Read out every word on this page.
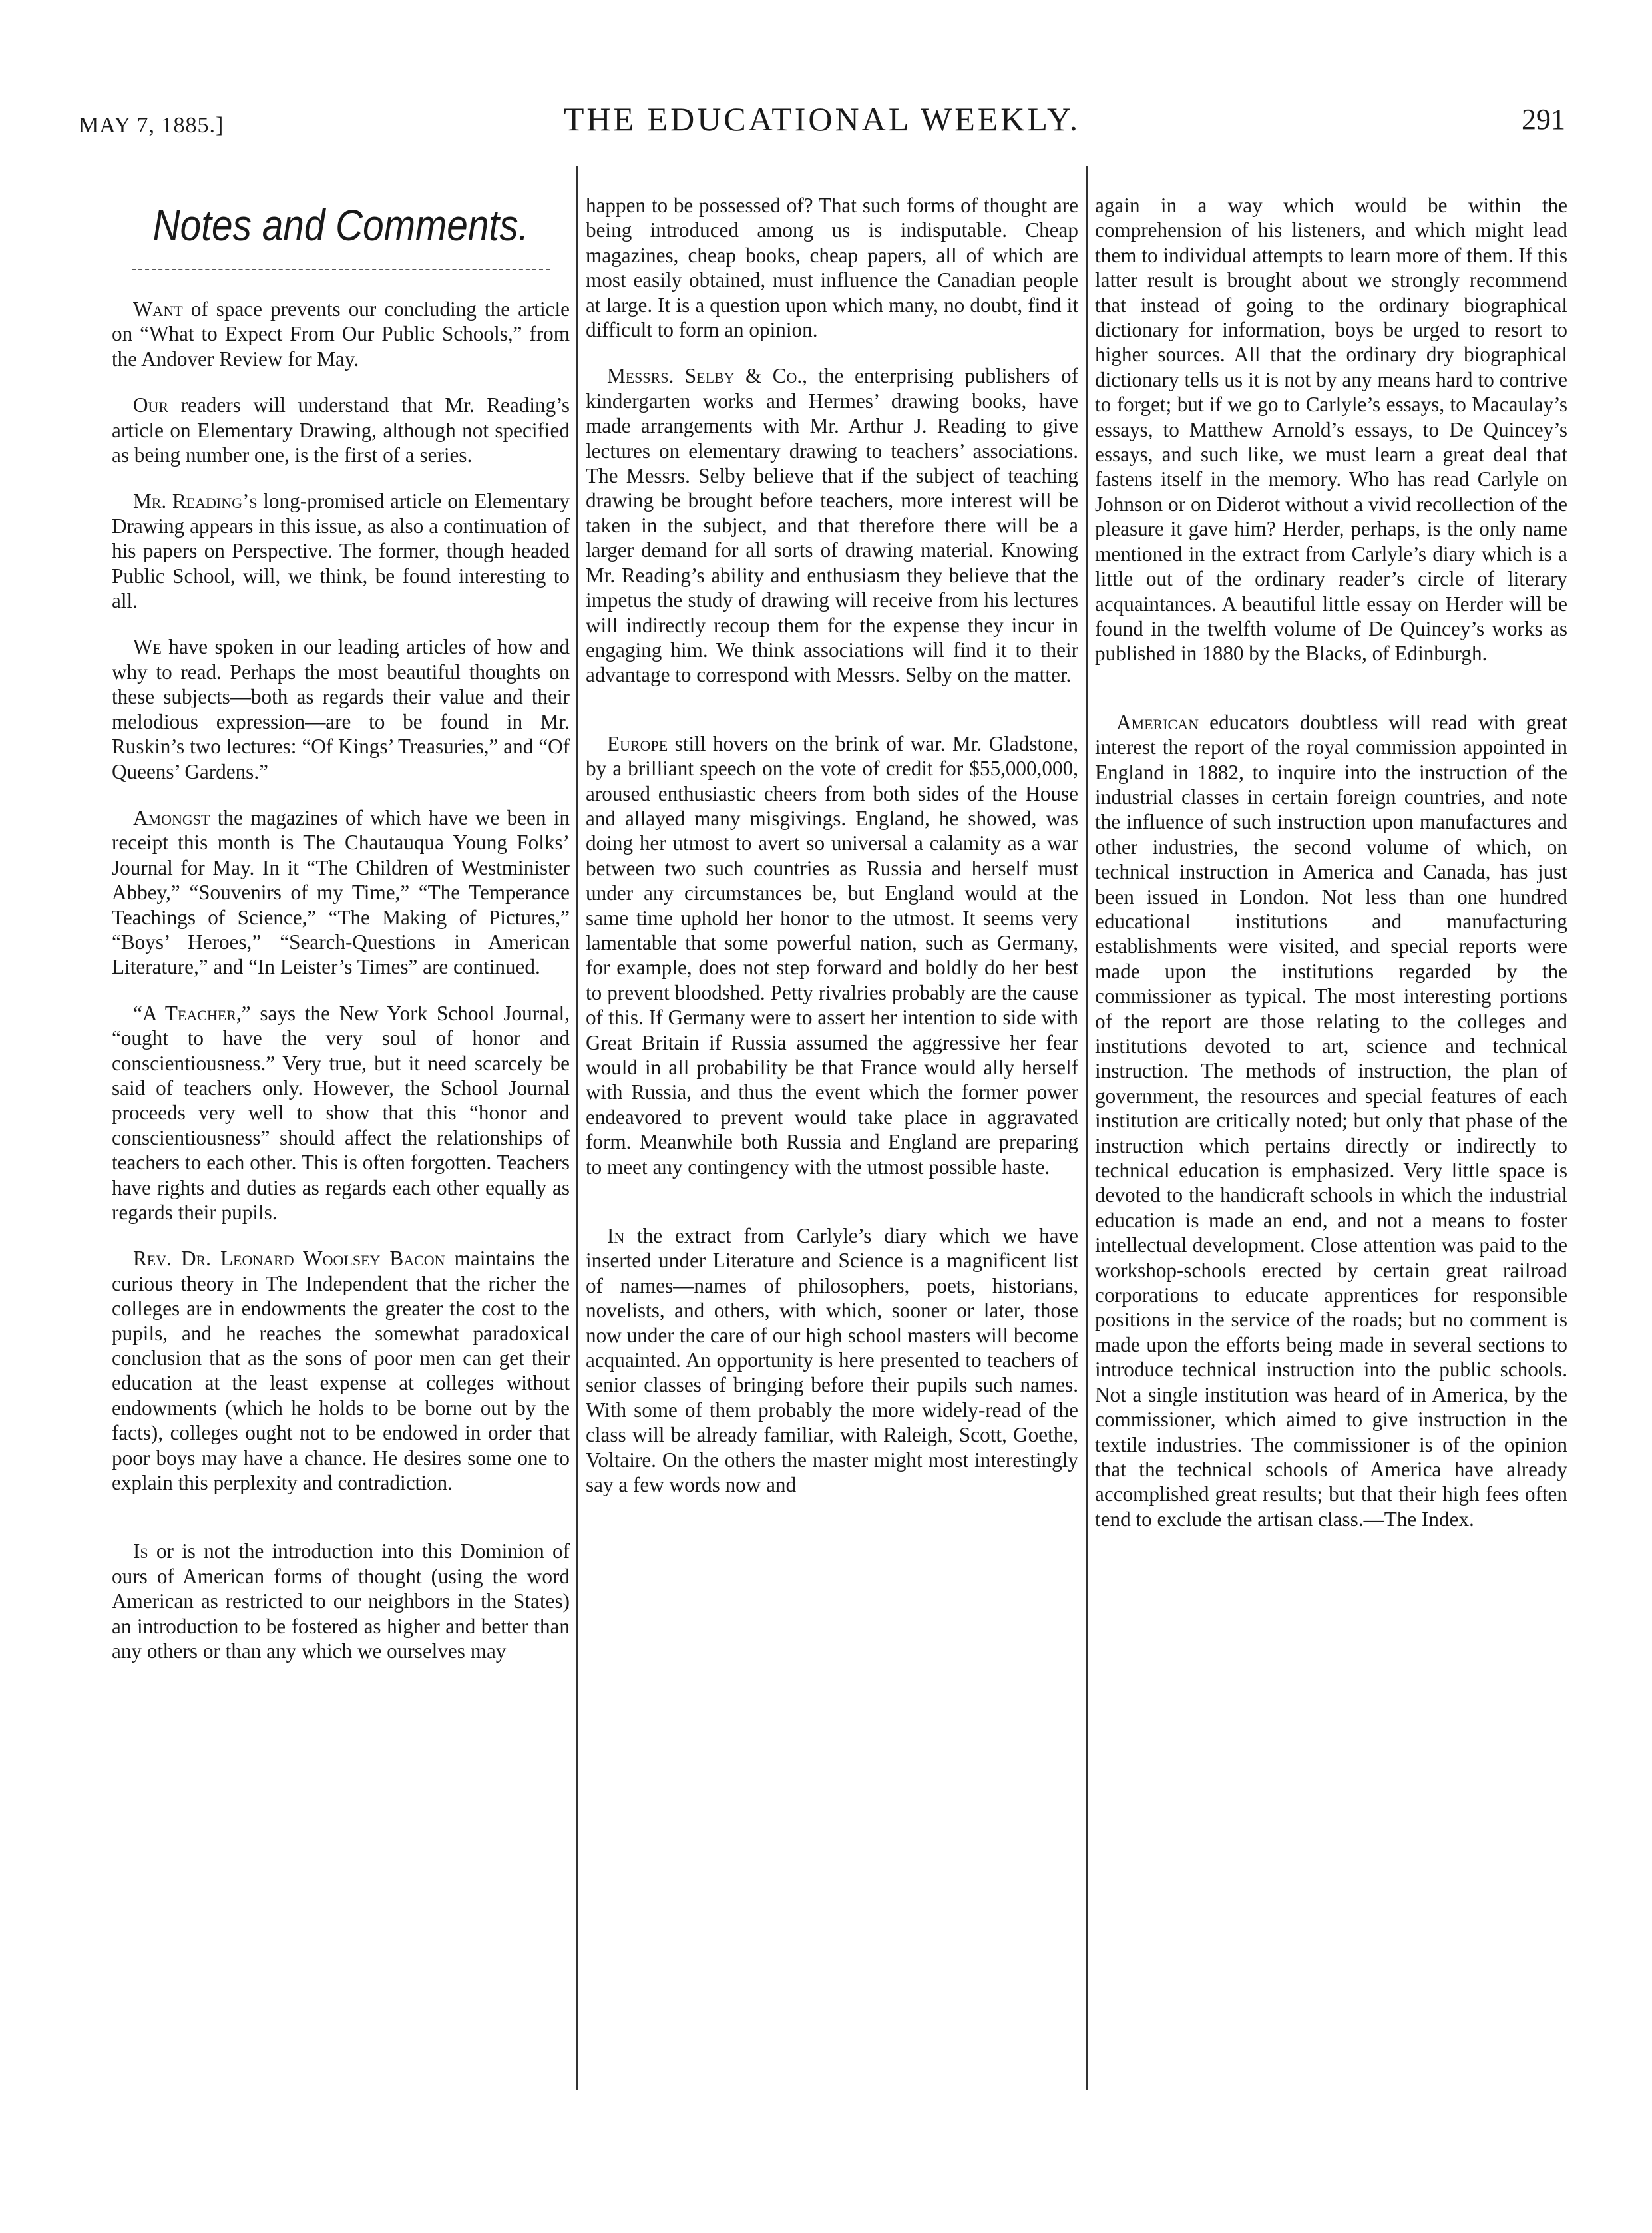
MAY 7, 1885.]	THE EDUCATIONAL WEEKLY.	291
Notes and Comments.

Want of space prevents our concluding the article on “What to Expect From Our Public Schools,” from the Andover Review for May.

Our readers will understand that Mr. Reading’s article on Elementary Drawing, although not specified as being number one, is the first of a series.

Mr. Reading’s long-promised article on Elementary Drawing appears in this issue, as also a continuation of his papers on Perspective. The former, though headed Public School, will, we think, be found interesting to all.

We have spoken in our leading articles of how and why to read. Perhaps the most beautiful thoughts on these subjects—both as regards their value and their melodious expression—are to be found in Mr. Ruskin’s two lectures: “Of Kings’ Treasuries,” and “Of Queens’ Gardens.”

Amongst the magazines of which have we been in receipt this month is The Chautauqua Young Folks’ Journal for May. In it “The Children of Westminister Abbey,” “Souvenirs of my Time,” “The Temperance Teachings of Science,” “The Making of Pictures,” “Boys’ Heroes,” “Search-Questions in American Literature,” and “In Leister’s Times” are continued.

“A Teacher,” says the New York School Journal, “ought to have the very soul of honor and conscientiousness.” Very true, but it need scarcely be said of teachers only. However, the School Journal proceeds very well to show that this “honor and conscientiousness” should affect the relationships of teachers to each other. This is often forgotten. Teachers have rights and duties as regards each other equally as regards their pupils.

Rev. Dr. Leonard Woolsey Bacon maintains the curious theory in The Independent that the richer the colleges are in endowments the greater the cost to the pupils, and he reaches the somewhat paradoxical conclusion that as the sons of poor men can get their education at the least expense at colleges without endowments (which he holds to be borne out by the facts), colleges ought not to be endowed in order that poor boys may have a chance. He desires some one to explain this perplexity and contradiction.

Is or is not the introduction into this Dominion of ours of American forms of thought (using the word American as restricted to our neighbors in the States) an introduction to be fostered as higher and better than any others or than any which we ourselves may

happen to be possessed of? That such forms of thought are being introduced among us is indisputable. Cheap magazines, cheap books, cheap papers, all of which are most easily obtained, must influence the Canadian people at large. It is a question upon which many, no doubt, find it difficult to form an opinion.

Messrs. Selby & Co., the enterprising publishers of kindergarten works and Hermes’ drawing books, have made arrangements with Mr. Arthur J. Reading to give lectures on elementary drawing to teachers’ associations. The Messrs. Selby believe that if the subject of teaching drawing be brought before teachers, more interest will be taken in the subject, and that therefore there will be a larger demand for all sorts of drawing material. Knowing Mr. Reading’s ability and enthusiasm they believe that the impetus the study of drawing will receive from his lectures will indirectly recoup them for the expense they incur in engaging him. We think associations will find it to their advantage to correspond with Messrs. Selby on the matter.

Europe still hovers on the brink of war. Mr. Gladstone, by a brilliant speech on the vote of credit for $55,000,000, aroused enthusiastic cheers from both sides of the House and allayed many misgivings. England, he showed, was doing her utmost to avert so universal a calamity as a war between two such countries as Russia and herself must under any circumstances be, but England would at the same time uphold her honor to the utmost. It seems very lamentable that some powerful nation, such as Germany, for example, does not step forward and boldly do her best to prevent bloodshed. Petty rivalries probably are the cause of this. If Germany were to assert her intention to side with Great Britain if Russia assumed the aggressive her fear would in all probability be that France would ally herself with Russia, and thus the event which the former power endeavored to prevent would take place in aggravated form. Meanwhile both Russia and England are preparing to meet any contingency with the utmost possible haste.

In the extract from Carlyle’s diary which we have inserted under Literature and Science is a magnificent list of names—names of philosophers, poets, historians, novelists, and others, with which, sooner or later, those now under the care of our high school masters will become acquainted. An opportunity is here presented to teachers of senior classes of bringing before their pupils such names. With some of them probably the more widely-read of the class will be already familiar, with Raleigh, Scott, Goethe, Voltaire. On the others the master might most interestingly say a few words now and

again in a way which would be within the comprehension of his listeners, and which might lead them to individual attempts to learn more of them. If this latter result is brought about we strongly recommend that instead of going to the ordinary biographical dictionary for information, boys be urged to resort to higher sources. All that the ordinary dry biographical dictionary tells us it is not by any means hard to contrive to forget; but if we go to Carlyle’s essays, to Macaulay’s essays, to Matthew Arnold’s essays, to De Quincey’s essays, and such like, we must learn a great deal that fastens itself in the memory. Who has read Carlyle on Johnson or on Diderot without a vivid recollection of the pleasure it gave him? Herder, perhaps, is the only name mentioned in the extract from Carlyle’s diary which is a little out of the ordinary reader’s circle of literary acquaintances. A beautiful little essay on Herder will be found in the twelfth volume of De Quincey’s works as published in 1880 by the Blacks, of Edinburgh.

American educators doubtless will read with great interest the report of the royal commission appointed in England in 1882, to inquire into the instruction of the industrial classes in certain foreign countries, and note the influence of such instruction upon manufactures and other industries, the second volume of which, on technical instruction in America and Canada, has just been issued in London. Not less than one hundred educational institutions and manufacturing establishments were visited, and special reports were made upon the institutions regarded by the commissioner as typical. The most interesting portions of the report are those relating to the colleges and institutions devoted to art, science and technical instruction. The methods of instruction, the plan of government, the resources and special features of each institution are critically noted; but only that phase of the instruction which pertains directly or indirectly to technical education is emphasized. Very little space is devoted to the handicraft schools in which the industrial education is made an end, and not a means to foster intellectual development. Close attention was paid to the workshop-schools erected by certain great railroad corporations to educate apprentices for responsible positions in the service of the roads; but no comment is made upon the efforts being made in several sections to introduce technical instruction into the public schools. Not a single institution was heard of in America, by the commissioner, which aimed to give instruction in the textile industries. The commissioner is of the opinion that the technical schools of America have already accomplished great results; but that their high fees often tend to exclude the artisan class.—The Index.
